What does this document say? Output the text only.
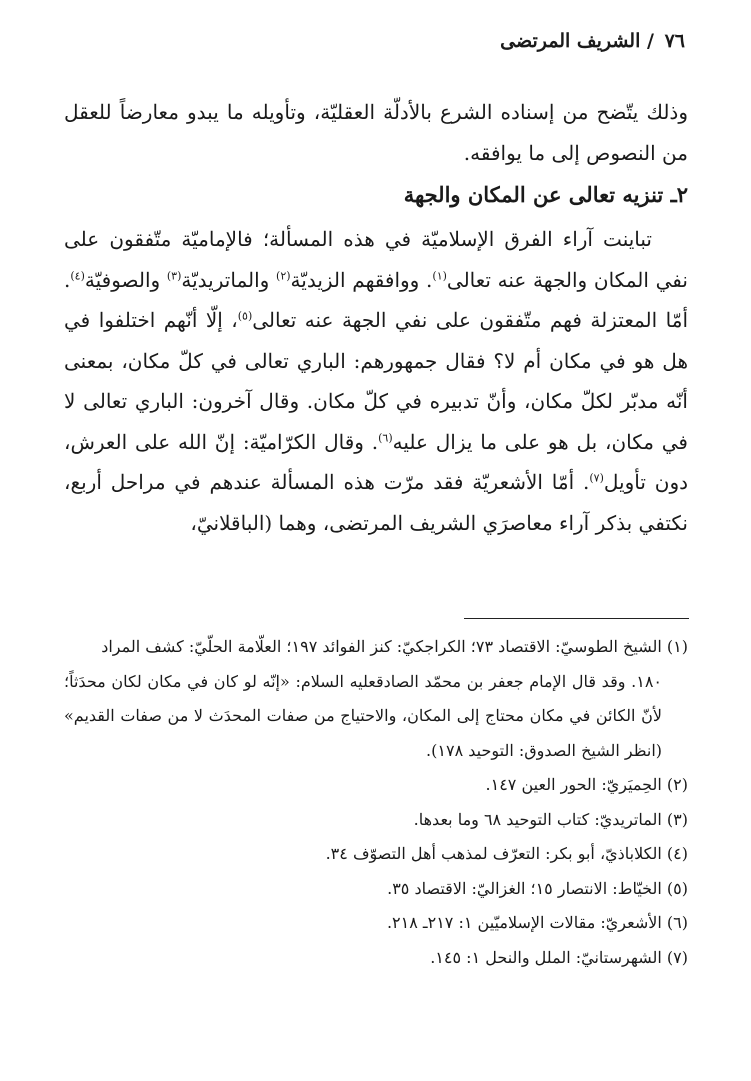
٧٦ / الشريف المرتضى

وذلك يتّضح من إسناده الشرع بالأدلّة العقليّة، وتأويله ما يبدو معارضاً للعقل من النصوص إلى ما يوافقه.

٢ـ تنزيه تعالى عن المكان والجهة

تباينت آراء الفرق الإسلاميّة في هذه المسألة؛ فالإماميّة متّفقون على نفي المكان والجهة عنه تعالى$^{(١)}$. ووافقهم الزيديّة$^{(٢)}$ والماتريديّة$^{(٣)}$ والصوفيّة$^{(٤)}$. أمّا المعتزلة فهم متّفقون على نفي الجهة عنه تعالى$^{(٥)}$، إلّا أنّهم اختلفوا في هل هو في مكان أم لا؟ فقال جمهورهم: الباري تعالى في كلّ مكان، بمعنى أنّه مدبّر لكلّ مكان، وأنّ تدبيره في كلّ مكان. وقال آخرون: الباري تعالى لا في مكان، بل هو على ما يزال عليه$^{(٦)}$. وقال الكرّاميّة: إنّ الله على العرش، دون تأويل$^{(٧)}$. أمّا الأشعريّة فقد مرّت هذه المسألة عندهم في مراحل أربع، نكتفي بذكر آراء معاصرَي الشريف المرتضى، وهما (الباقلانيّ،

(١) الشيخ الطوسيّ: الاقتصاد ٧٣؛ الكراجكيّ: كنز الفوائد ١٩٧؛ العلّامة الحلّيّ: كشف المراد
١٨٠. وقد قال الإمام جعفر بن محمّد الصادق‏عليه السلام: «إنّه لو كان في مكان لكان محدَثاً؛ لأنّ الكائن في مكان محتاج إلى المكان، والاحتياج من صفات المحدَث لا من صفات القديم» (انظر الشيخ الصدوق: التوحيد ١٧٨).

(٢) الحِميَريّ: الحور العين ١٤٧.

(٣) الماتريديّ: كتاب التوحيد ٦٨ وما بعدها.

(٤) الكلاباذيّ، أبو بكر: التعرّف لمذهب أهل التصوّف ٣٤.

(٥) الخيّاط: الانتصار ١٥؛ الغزاليّ: الاقتصاد ٣٥.

(٦) الأشعريّ: مقالات الإسلاميّين ١: ٢١٧ـ ٢١٨.

(٧) الشهرستانيّ: الملل والنحل ١: ١٤٥.
